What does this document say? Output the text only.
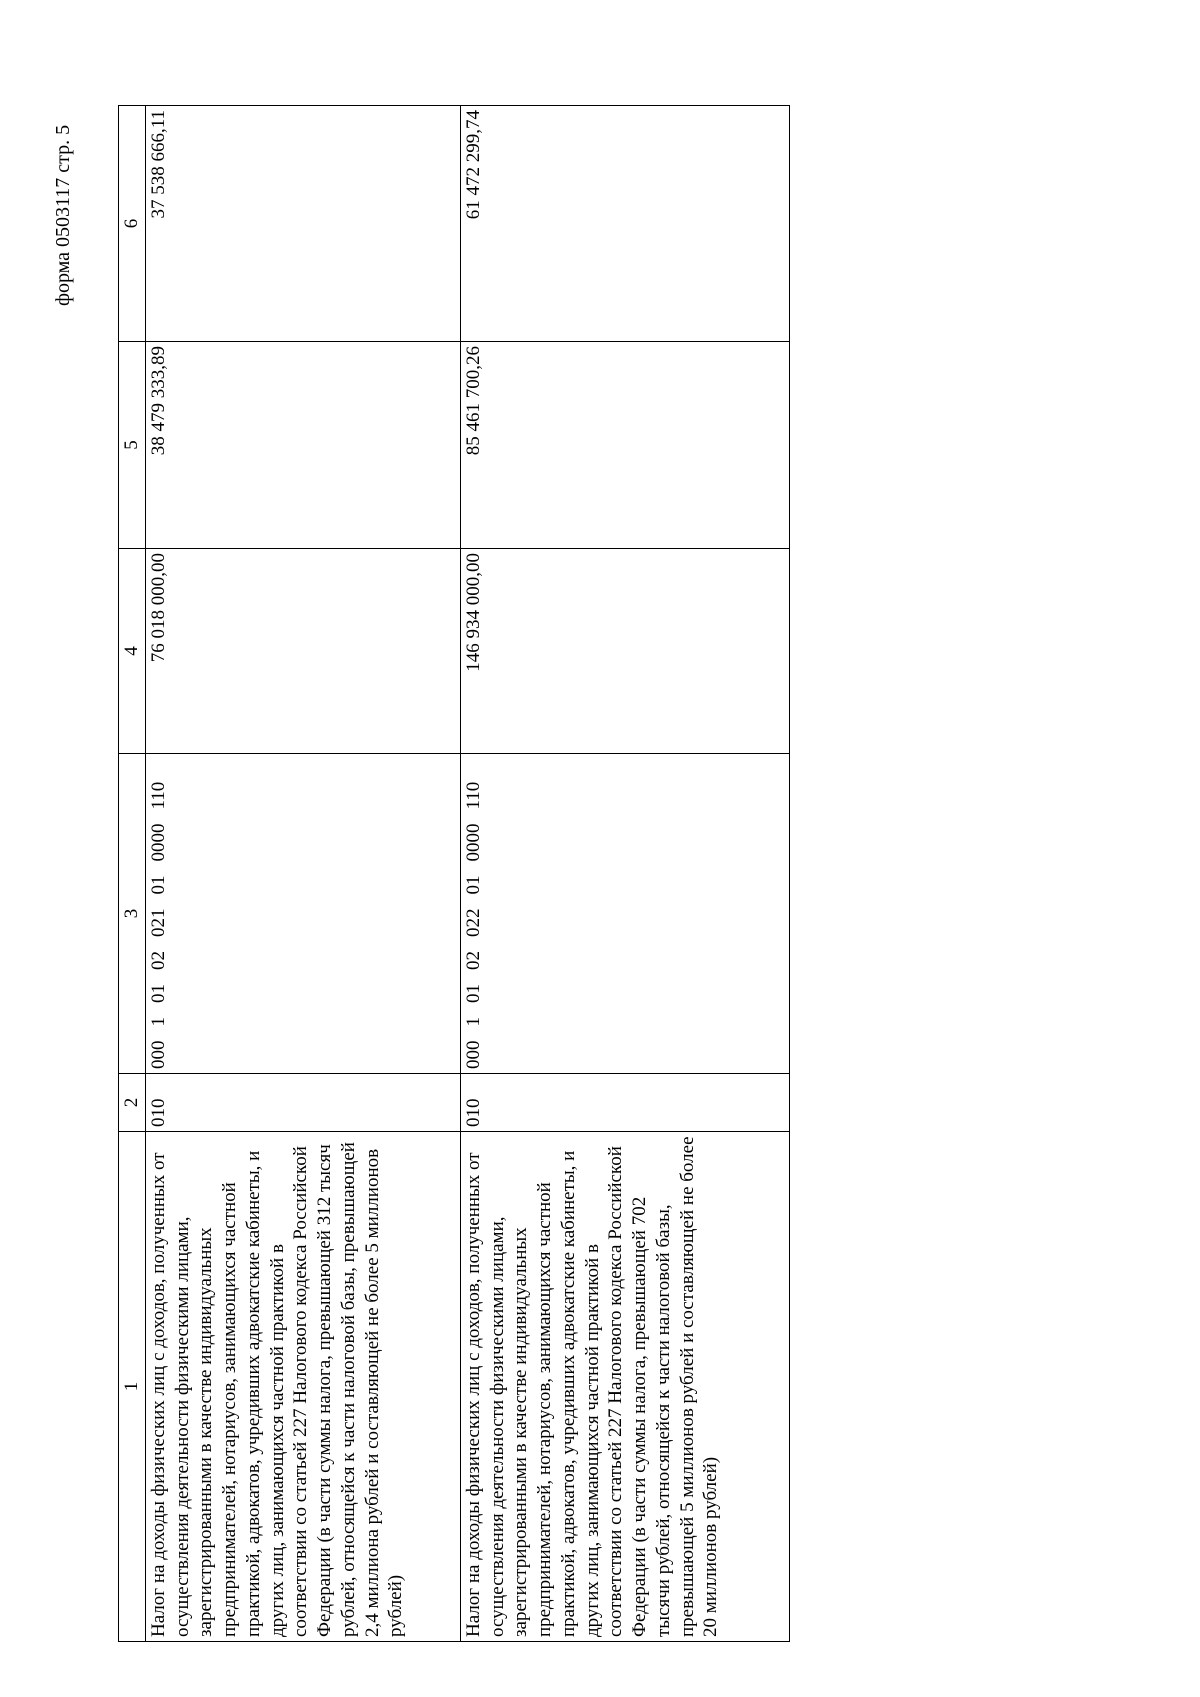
форма 0503117 стр. 5
1	2	3	4	5	6
Налог на доходы физических лиц с доходов, полученных от осуществления деятельности физическими лицами, зарегистрированными в качестве индивидуальных предпринимателей, нотариусов, занимающихся частной практикой, адвокатов, учредивших адвокатские кабинеты, и других лиц, занимающихся частной практикой в соответствии со статьей 227 Налогового кодекса Российской Федерации (в части суммы налога, превышающей 312 тысяч рублей, относящейся к части налоговой базы, превышающей 2,4 миллиона рублей и составляющей не более 5 миллионов рублей)	010	00010102021010000110	76 018 000,00	38 479 333,89	37 538 666,11
Налог на доходы физических лиц с доходов, полученных от осуществления деятельности физическими лицами, зарегистрированными в качестве индивидуальных предпринимателей, нотариусов, занимающихся частной практикой, адвокатов, учредивших адвокатские кабинеты, и других лиц, занимающихся частной практикой в соответствии со статьей 227 Налогового кодекса Российской Федерации (в части суммы налога, превышающей 702 тысячи рублей, относящейся к части налоговой базы, превышающей 5 миллионов рублей и составляющей не более 20 миллионов рублей)	010	00010102022010000110	146 934 000,00	85 461 700,26	61 472 299,74
